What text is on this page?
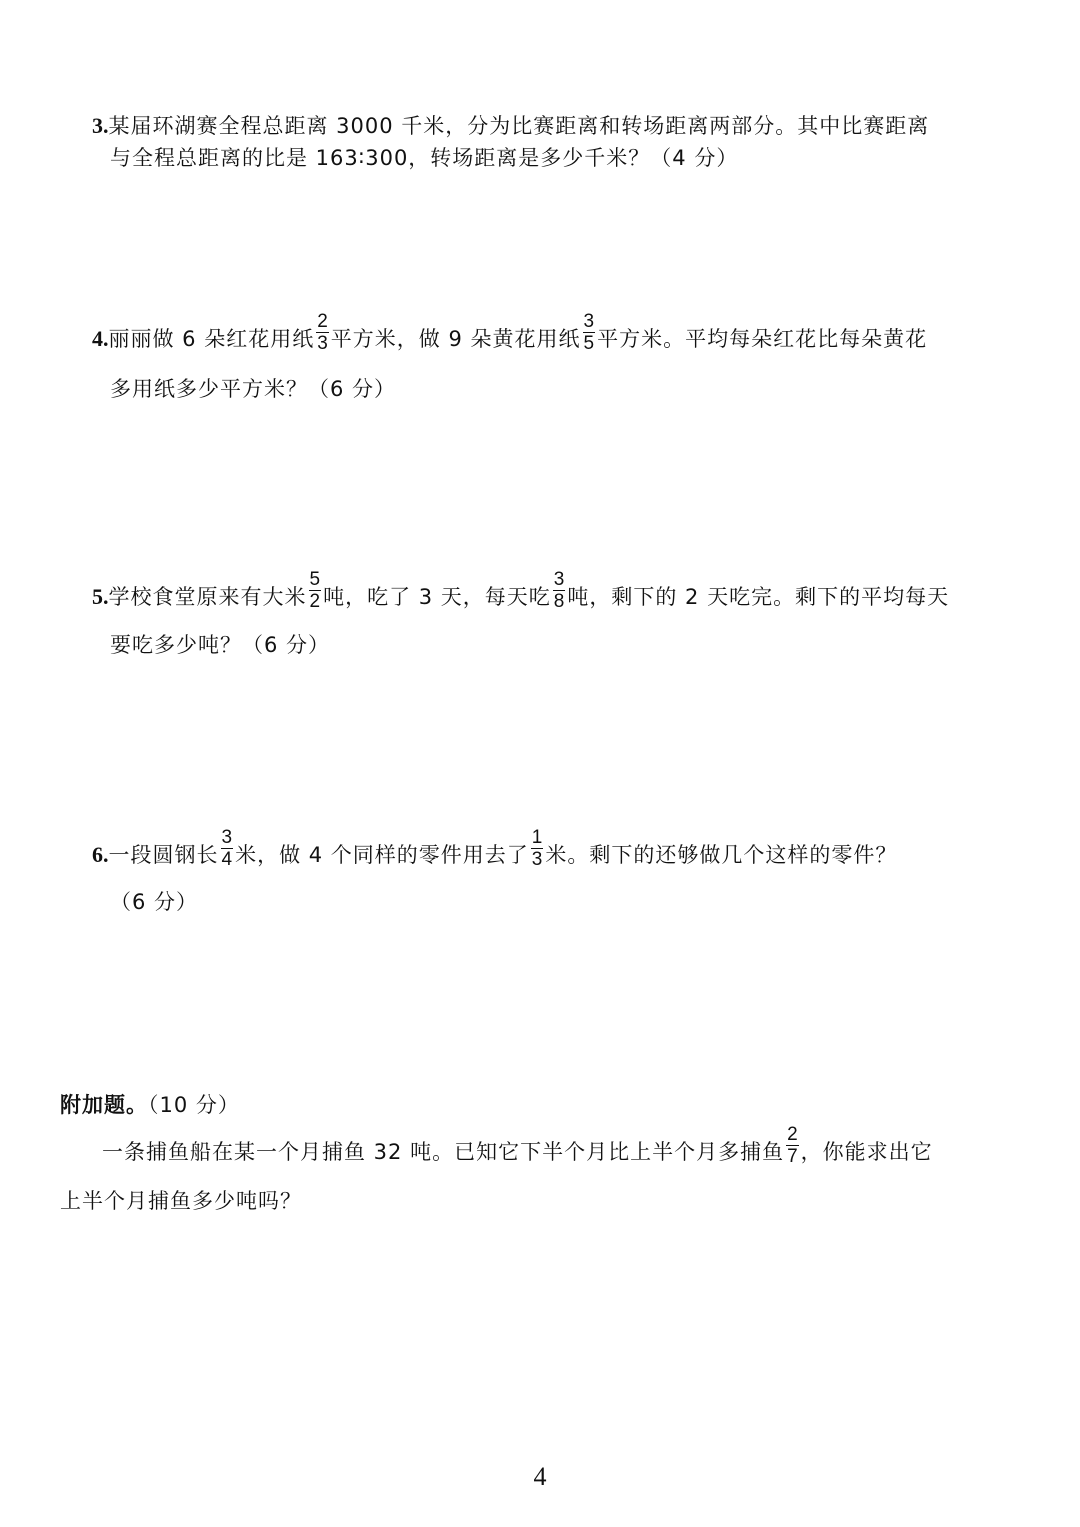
3.某届环湖赛全程总距离 3000 千米，分为比赛距离和转场距离两部分。其中比赛距离
与全程总距离的比是 163∶300，转场距离是多少千米？（4 分）
4.丽丽做 6 朵红花用纸 $\frac{2}{3}$ 平方米，做 9 朵黄花用纸 $\frac{3}{5}$ 平方米。平均每朵红花比每朵黄花
多用纸多少平方米？（6 分）
5.学校食堂原来有大米 $\frac{5}{2}$ 吨，吃了 3 天，每天吃 $\frac{3}{8}$ 吨，剩下的 2 天吃完。剩下的平均每天
要吃多少吨？（6 分）
6.一段圆钢长 $\frac{3}{4}$ 米，做 4 个同样的零件用去了 $\frac{1}{3}$ 米。剩下的还够做几个这样的零件？
（6 分）
附加题。（10 分）
一条捕鱼船在某一个月捕鱼 32 吨。已知它下半个月比上半个月多捕鱼 $\frac{2}{7}$ ，你能求出它
上半个月捕鱼多少吨吗？
4
